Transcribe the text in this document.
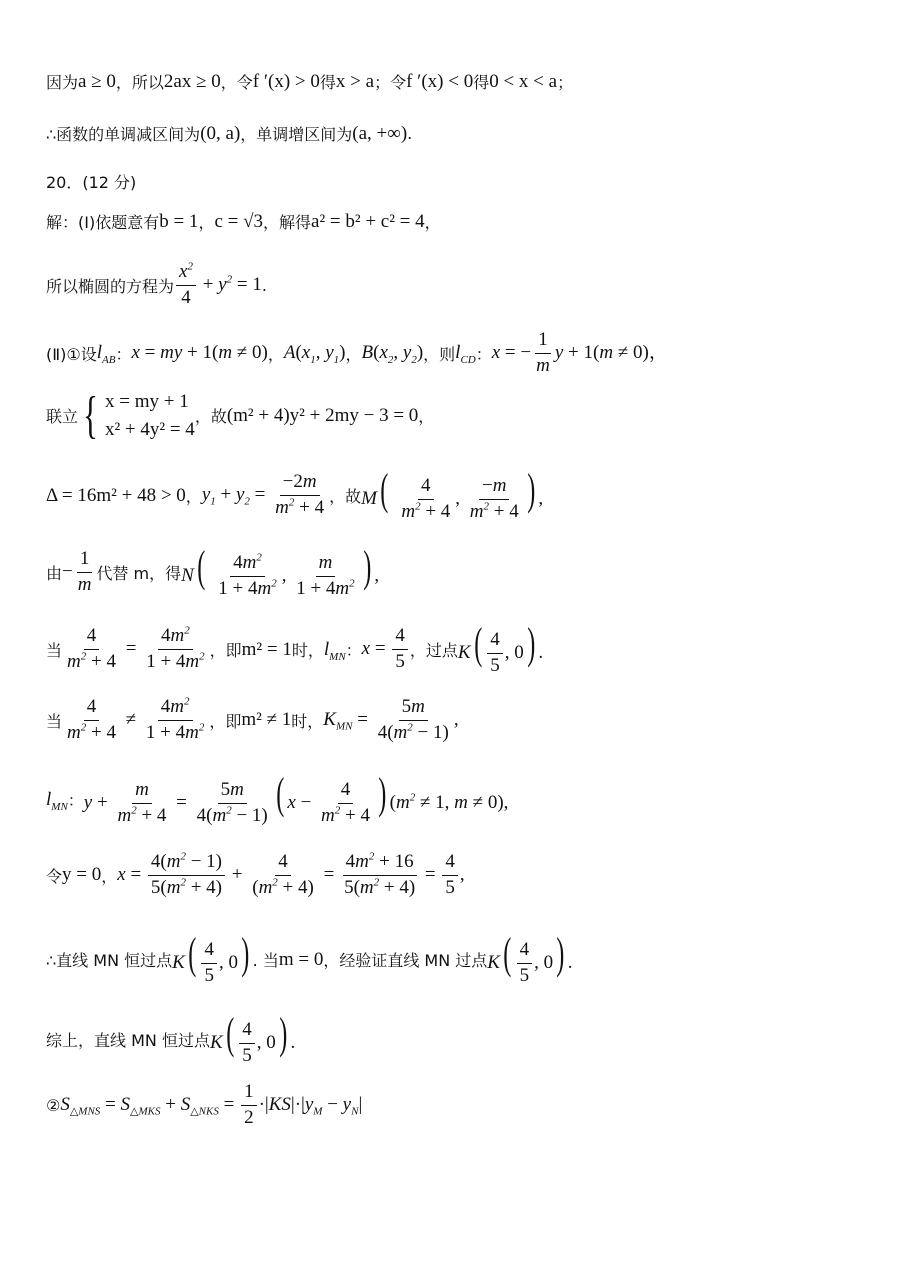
因为 a ≥ 0 ，所以 2ax ≥ 0 ，令 f ′(x) > 0 得 x > a ；令 f ′(x) < 0 得 0 < x < a ；
∴函数的单调减区间为 (0, a) ，单调增区间为 (a, +∞) .
20．(12 分)
解：(Ⅰ)依题意有 b = 1 ， c = √3 ，解得 a² = b² + c² = 4 ，
所以椭圆的方程为 $\frac{x^2}{4} + y^2 = 1$ .
(Ⅱ)①设 $l_{AB}$ ： x = my + 1(m ≠ 0) ， $A(x_1$, $y_1$) ， $B(x_2$, $y_2$) ，则 $l_{CD}$ ： x = − $\frac{1}{m}$ y + 1(m ≠ 0)，
联立 { x = my + 1
x² + 4y² = 4
，故 (m² + 4)y² + 2my − 3 = 0 ，
Δ = 16m² + 48 > 0 ， $y_1 + y_2 = \frac{-2m}{m^2 + 4}$ ，故 $M( \frac{4}{m^2 + 4}$ , $\frac{-m}{m^2 + 4}$ ) ,
由 − $\frac{1}{m}$ 代替 m，得 $N( \frac{4m^2}{1 + 4m^2}$ , $\frac{m}{1 + 4m^2}$ ) ,
当 $\frac{4}{m^2 + 4} = \frac{4m^2}{1 + 4m^2}$ ，即 m² = 1 时， $l_{MN}$ ： $x = \frac{4}{5}$ ，过点 $K( \frac{4}{5}$ , 0) .
当 $\frac{4}{m^2 + 4} \ne \frac{4m^2}{1 + 4m^2}$ ，即 m² ≠ 1 时， $K_{MN} = \frac{5m}{4(m^2 - 1)}$ ,
$l_{MN}$ ： $y + \frac{m}{m^2 + 4} = \frac{5m}{4(m^2 - 1)}$ ( $x - \frac{4}{m^2 + 4}$ ) ($m^2 \ne 1$, m ≠ 0),
令 y = 0 ， $x = \frac{4(m^2 - 1)}{5(m^2 + 4)} + \frac{4}{(m^2 + 4)} = \frac{4m^2 + 16}{5(m^2 + 4)} = \frac{4}{5}$ ,
∴直线 MN 恒过点 $K( \frac{4}{5}$ , 0) . 当 m = 0 ，经验证直线 MN 过点 $K( \frac{4}{5}$ , 0) .
综上，直线 MN 恒过点 $K( \frac{4}{5}$ , 0) .
② $S_{\triangle MNS} = S_{\triangle MKS} + S_{\triangle NKS} = \frac{1}{2} \cdot|KS|\cdot|y_M - y_N|$
